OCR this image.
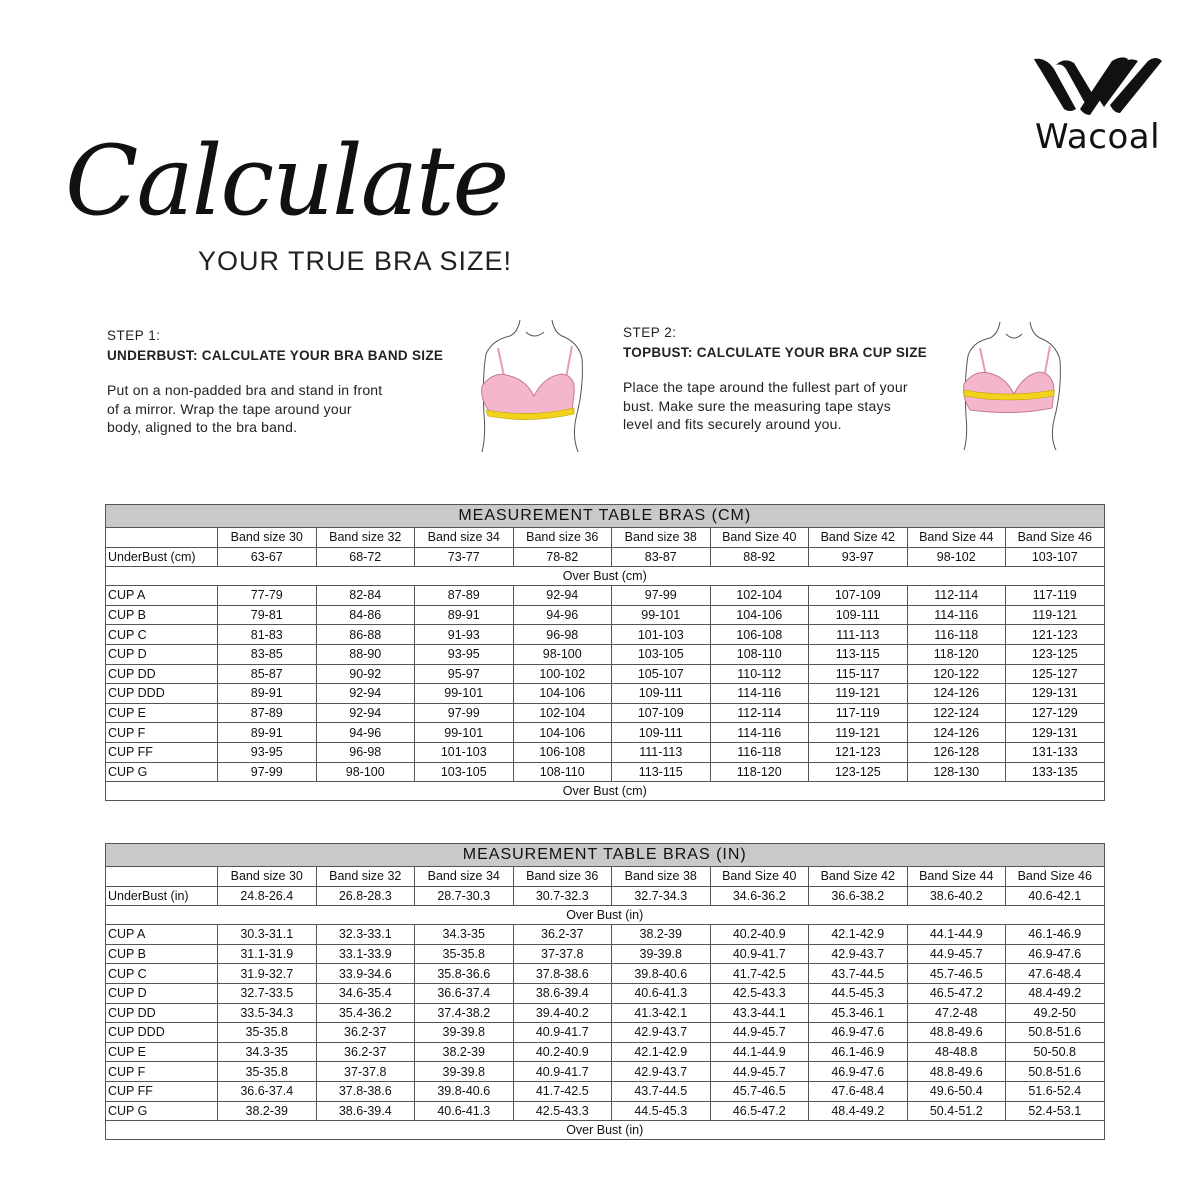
Wacoal
Calculate
YOUR TRUE BRA SIZE!
STEP 1:
UNDERBUST: CALCULATE YOUR BRA BAND SIZE
Put on a non-padded bra and stand in front
of a mirror. Wrap the tape around your
body, aligned to the bra band.
STEP 2:
TOPBUST: CALCULATE YOUR BRA CUP SIZE
Place the tape around the fullest part of your
bust. Make sure the measuring tape stays
level and fits securely around you.
MEASUREMENT TABLE BRAS (CM)									
	Band size 30	Band size 32	Band size 34	Band size 36	Band size 38	Band Size 40	Band Size 42	Band Size 44	Band Size 46
UnderBust (cm)	63-67	68-72	73-77	78-82	83-87	88-92	93-97	98-102	103-107
Over Bust (cm)									
CUP A	77-79	82-84	87-89	92-94	97-99	102-104	107-109	112-114	117-119
CUP B	79-81	84-86	89-91	94-96	99-101	104-106	109-111	114-116	119-121
CUP C	81-83	86-88	91-93	96-98	101-103	106-108	111-113	116-118	121-123
CUP D	83-85	88-90	93-95	98-100	103-105	108-110	113-115	118-120	123-125
CUP DD	85-87	90-92	95-97	100-102	105-107	110-112	115-117	120-122	125-127
CUP DDD	89-91	92-94	99-101	104-106	109-111	114-116	119-121	124-126	129-131
CUP E	87-89	92-94	97-99	102-104	107-109	112-114	117-119	122-124	127-129
CUP F	89-91	94-96	99-101	104-106	109-111	114-116	119-121	124-126	129-131
CUP FF	93-95	96-98	101-103	106-108	111-113	116-118	121-123	126-128	131-133
CUP G	97-99	98-100	103-105	108-110	113-115	118-120	123-125	128-130	133-135
Over Bust (cm)									
MEASUREMENT TABLE BRAS (IN)									
	Band size 30	Band size 32	Band size 34	Band size 36	Band size 38	Band Size 40	Band Size 42	Band Size 44	Band Size 46
UnderBust (in)	24.8-26.4	26.8-28.3	28.7-30.3	30.7-32.3	32.7-34.3	34.6-36.2	36.6-38.2	38.6-40.2	40.6-42.1
Over Bust (in)									
CUP A	30.3-31.1	32.3-33.1	34.3-35	36.2-37	38.2-39	40.2-40.9	42.1-42.9	44.1-44.9	46.1-46.9
CUP B	31.1-31.9	33.1-33.9	35-35.8	37-37.8	39-39.8	40.9-41.7	42.9-43.7	44.9-45.7	46.9-47.6
CUP C	31.9-32.7	33.9-34.6	35.8-36.6	37.8-38.6	39.8-40.6	41.7-42.5	43.7-44.5	45.7-46.5	47.6-48.4
CUP D	32.7-33.5	34.6-35.4	36.6-37.4	38.6-39.4	40.6-41.3	42.5-43.3	44.5-45.3	46.5-47.2	48.4-49.2
CUP DD	33.5-34.3	35.4-36.2	37.4-38.2	39.4-40.2	41.3-42.1	43.3-44.1	45.3-46.1	47.2-48	49.2-50
CUP DDD	35-35.8	36.2-37	39-39.8	40.9-41.7	42.9-43.7	44.9-45.7	46.9-47.6	48.8-49.6	50.8-51.6
CUP E	34.3-35	36.2-37	38.2-39	40.2-40.9	42.1-42.9	44.1-44.9	46.1-46.9	48-48.8	50-50.8
CUP F	35-35.8	37-37.8	39-39.8	40.9-41.7	42.9-43.7	44.9-45.7	46.9-47.6	48.8-49.6	50.8-51.6
CUP FF	36.6-37.4	37.8-38.6	39.8-40.6	41.7-42.5	43.7-44.5	45.7-46.5	47.6-48.4	49.6-50.4	51.6-52.4
CUP G	38.2-39	38.6-39.4	40.6-41.3	42.5-43.3	44.5-45.3	46.5-47.2	48.4-49.2	50.4-51.2	52.4-53.1
Over Bust (in)									
